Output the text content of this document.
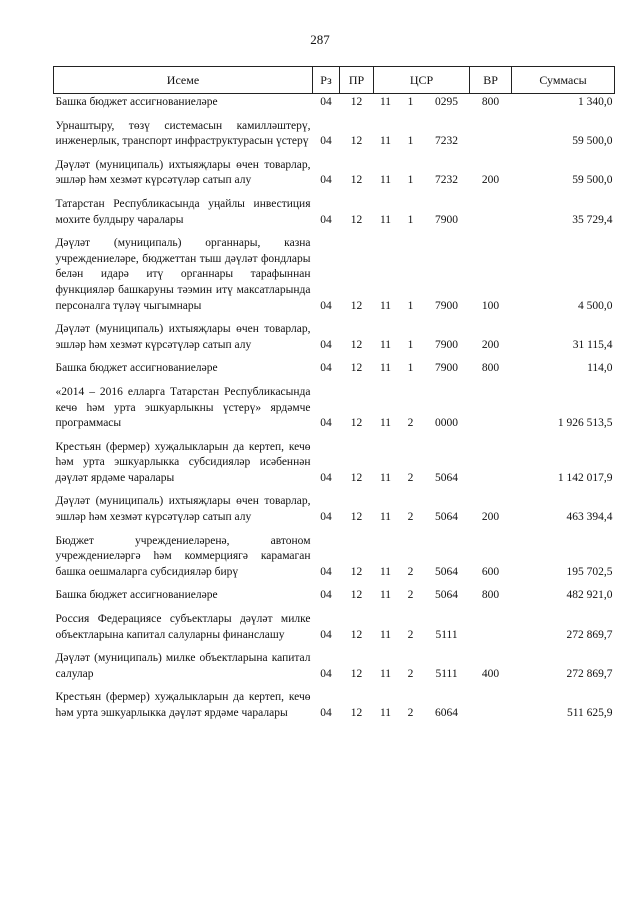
287
Исеме	Рз	ПР	ЦСР			ВР	Суммасы
Башка бюджет ассигнованиеләре	04	12	11	1	0295	800	1 340,0
Урнаштыру, төзү системасын камилләштерү, инженерлык, транспорт инфраструктурасын үстерү	04	12	11	1	7232		59 500,0
Дәүләт (муниципаль) ихтыяҗлары өчен товарлар, эшләр һәм хезмәт күрсәтүләр сатып алу	04	12	11	1	7232	200	59 500,0
Татарстан Республикасында уңайлы инвестиция мохите булдыру чаралары	04	12	11	1	7900		35 729,4
Дәүләт (муниципаль) органнары, казна учреждениеләре, бюджеттан тыш дәүләт фондлары белән идарә итү органнары тарафыннан функцияләр башкаруны тәэмин итү максатларында персоналга түләү чыгымнары	04	12	11	1	7900	100	4 500,0
Дәүләт (муниципаль) ихтыяҗлары өчен товарлар, эшләр һәм хезмәт күрсәтүләр сатып алу	04	12	11	1	7900	200	31 115,4
Башка бюджет ассигнованиеләре	04	12	11	1	7900	800	114,0
«2014 – 2016 елларга Татарстан Республикасында кечө һәм урта эшкуарлыкны үстерү» ярдәмче программасы	04	12	11	2	0000		1 926 513,5
Крестьян (фермер) хуҗалыкларын да кертеп, кечө һәм урта эшкуарлыкка субсидияләр исәбеннән дәүләт ярдәме чаралары	04	12	11	2	5064		1 142 017,9
Дәүләт (муниципаль) ихтыяҗлары өчен товарлар, эшләр һәм хезмәт күрсәтүләр сатып алу	04	12	11	2	5064	200	463 394,4
Бюджет учреждениеләренә, автоном учреждениеләргә һәм коммерциягә карамаган башка оешмаларга субсидияләр бирү	04	12	11	2	5064	600	195 702,5
Башка бюджет ассигнованиеләре	04	12	11	2	5064	800	482 921,0
Россия Федерациясе субъектлары дәүләт милке объектларына капитал салуларны финанслашу	04	12	11	2	5111		272 869,7
Дәүләт (муниципаль) милке объектларына капитал салулар	04	12	11	2	5111	400	272 869,7
Крестьян (фермер) хуҗалыкларын да кертеп, кечө һәм урта эшкуарлыкка дәүләт ярдәме чаралары	04	12	11	2	6064		511 625,9
